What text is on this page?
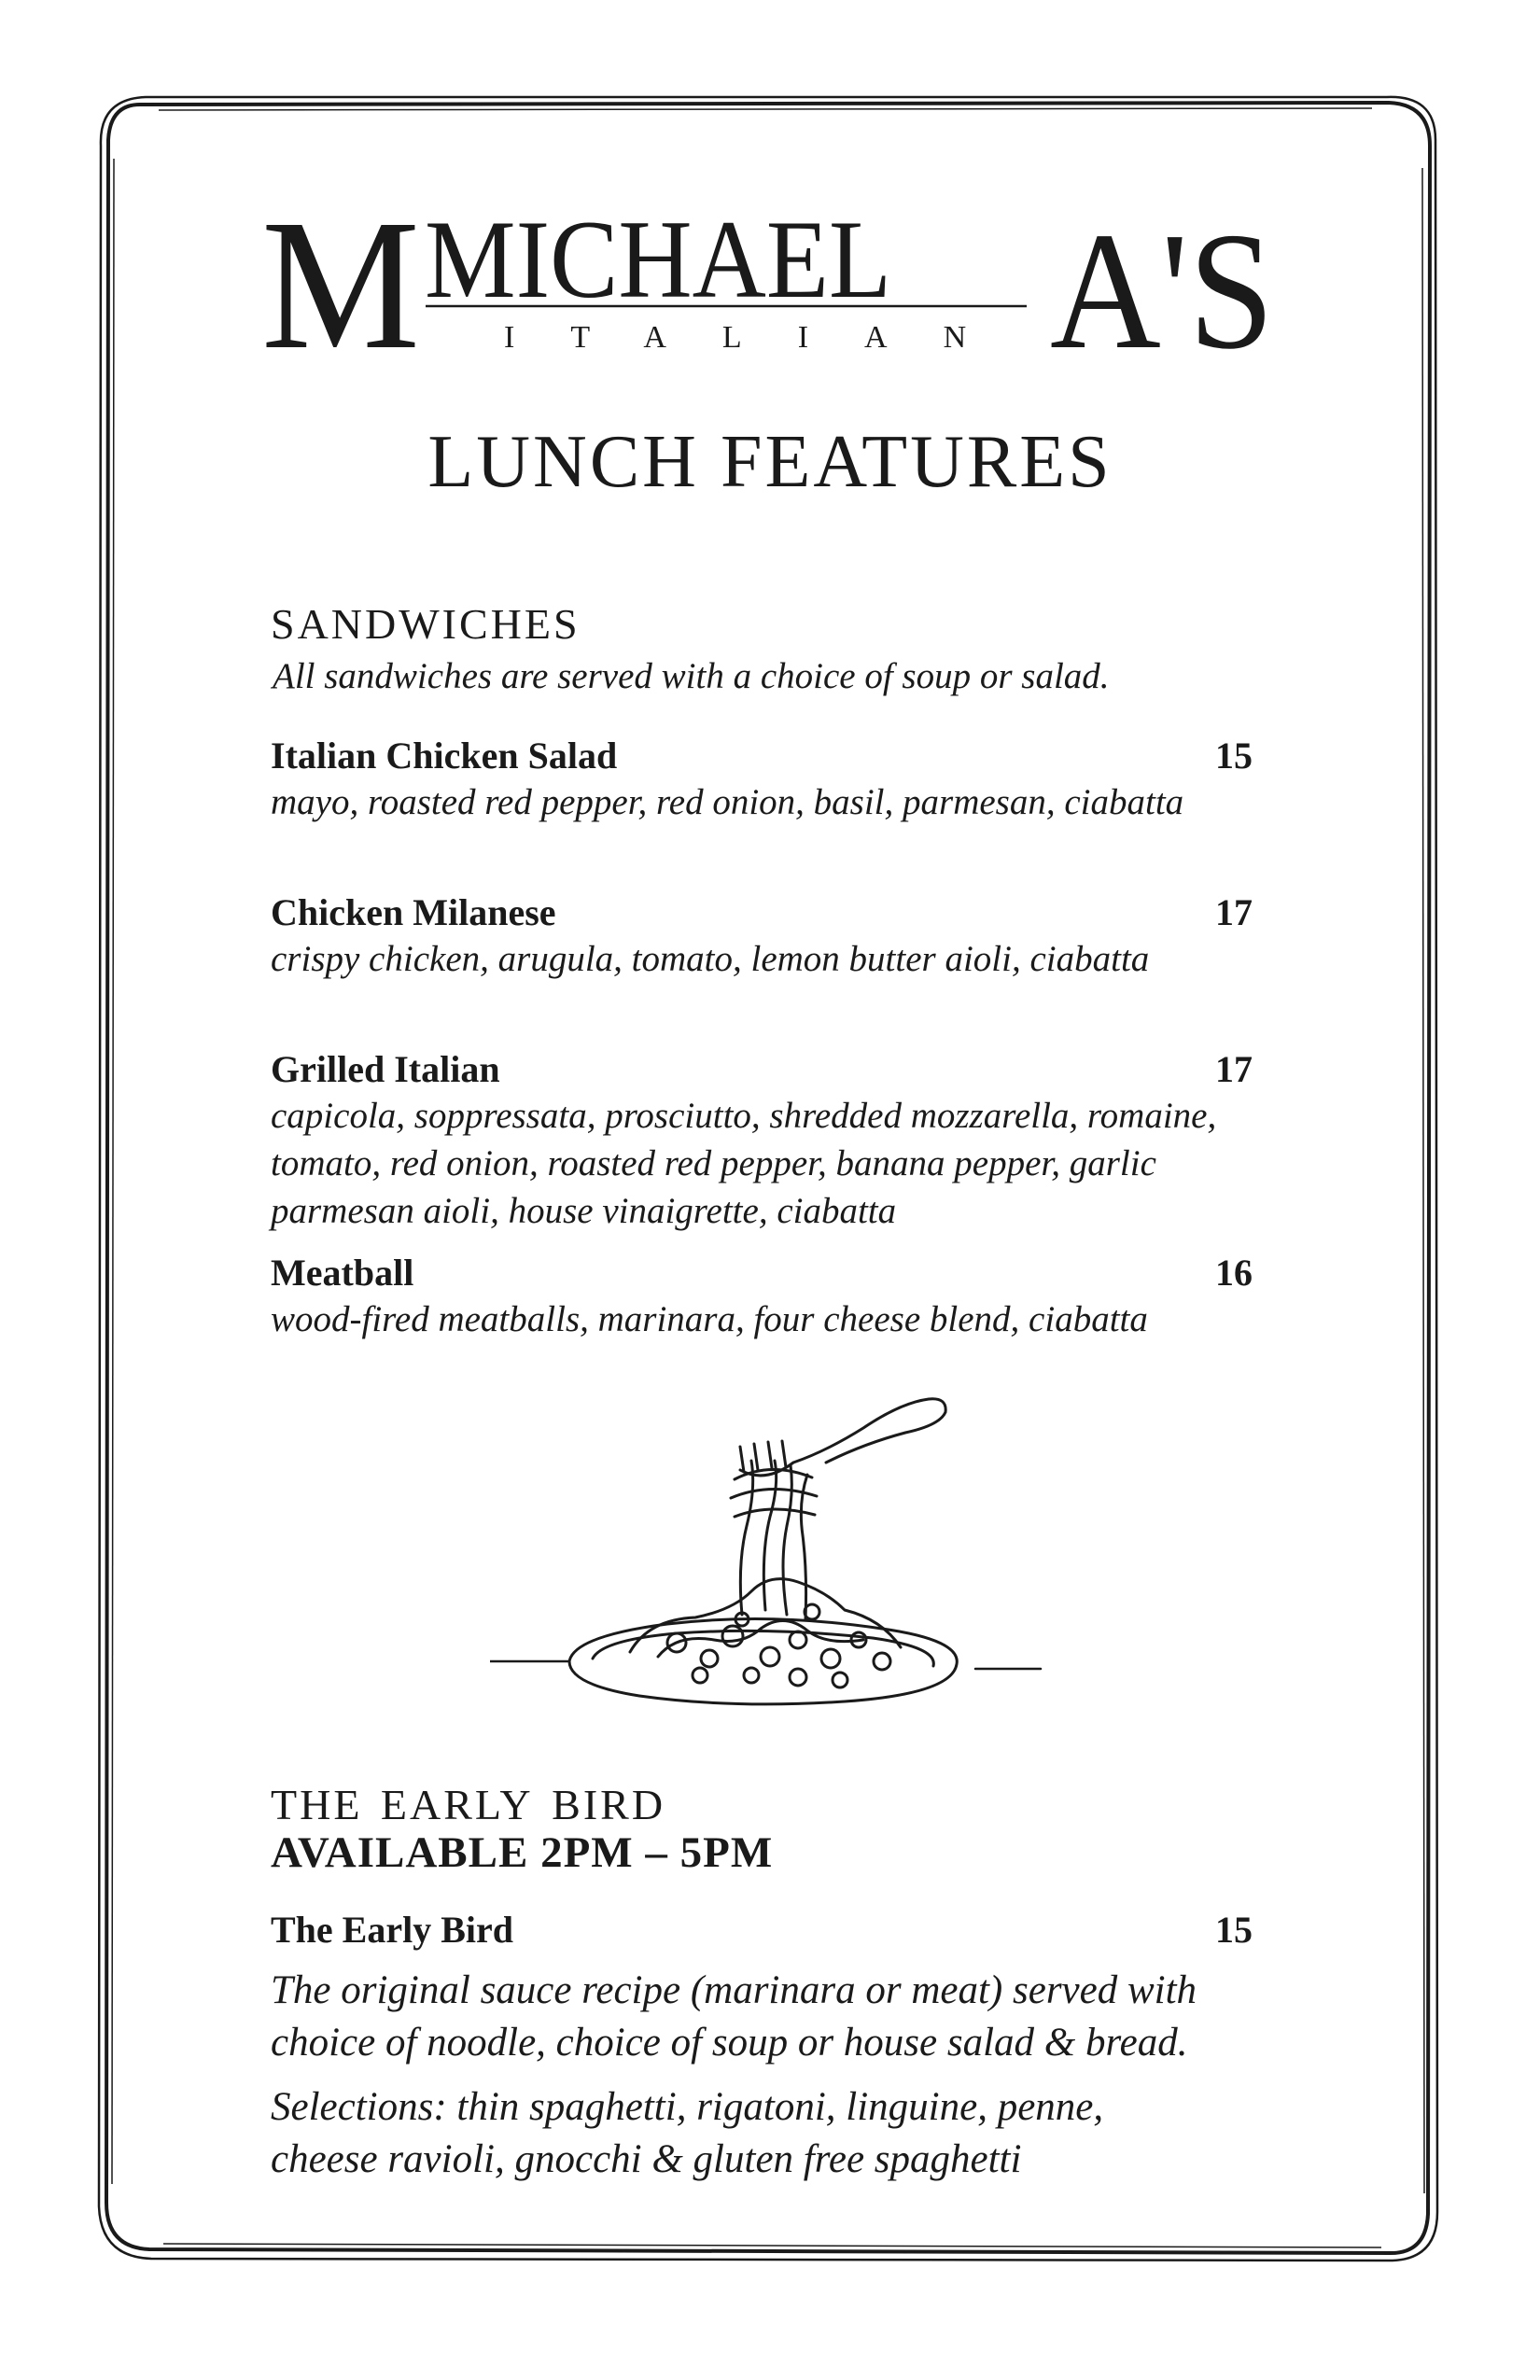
M MICHAEL
ITALIAN A'S
LUNCH FEATURES
sandwiches
All sandwiches are served with a choice of soup or salad.
Italian Chicken Salad	15
mayo, roasted red pepper, red onion, basil, parmesan, ciabatta
Chicken Milanese	17
crispy chicken, arugula, tomato, lemon butter aioli, ciabatta
Grilled Italian	17
capicola, soppressata, prosciutto, shredded mozzarella, romaine, tomato, red onion, roasted red pepper, banana pepper, garlic parmesan aioli, house vinaigrette, ciabatta
Meatball	16
wood-fired meatballs, marinara, four cheese blend, ciabatta
the early bird
AVAILABLE 2PM – 5PM
The Early Bird	15
The original sauce recipe (marinara or meat) served with choice of noodle, choice of soup or house salad & bread.
Selections: thin spaghetti, rigatoni, linguine, penne, cheese ravioli, gnocchi & gluten free spaghetti
